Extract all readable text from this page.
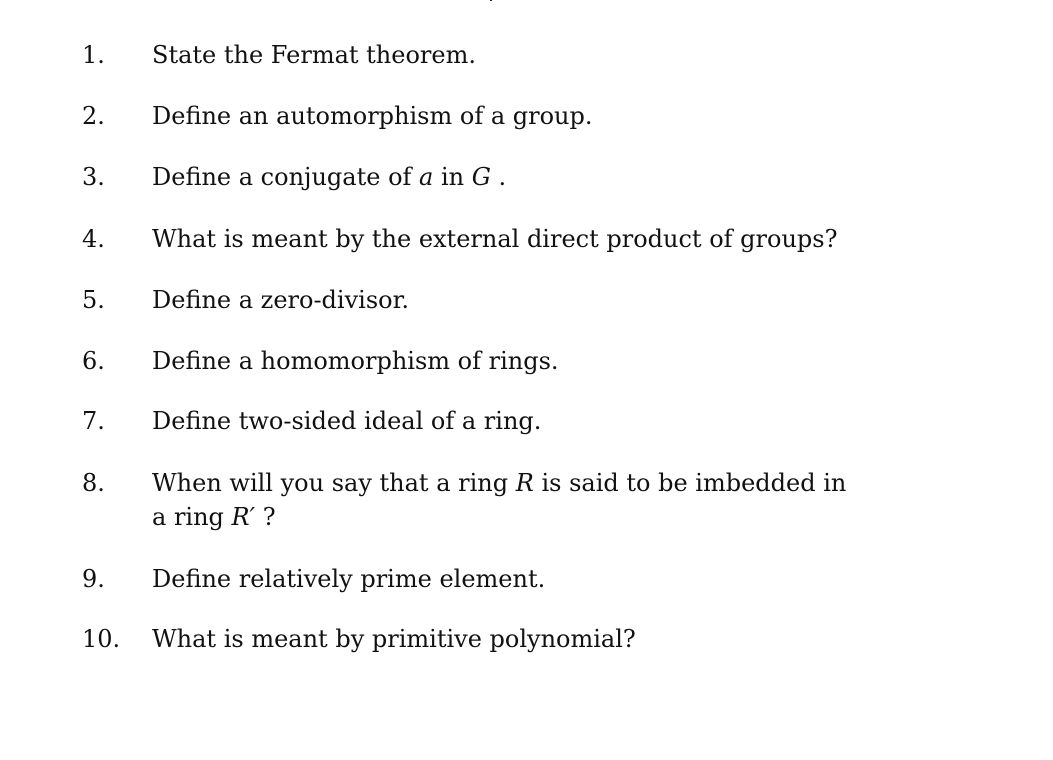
1.	State the Fermat theorem.
2.	Define an automorphism of a group.
3.	Define a conjugate of a in G .
4.	What is meant by the external direct product of groups?
5.	Define a zero-divisor.
6.	Define a homomorphism of rings.
7.	Define two-sided ideal of a ring.
8.	When will you say that a ring R is said to be imbedded in
a ring R′ ?
9.	Define relatively prime element.
10.	What is meant by primitive polynomial?
